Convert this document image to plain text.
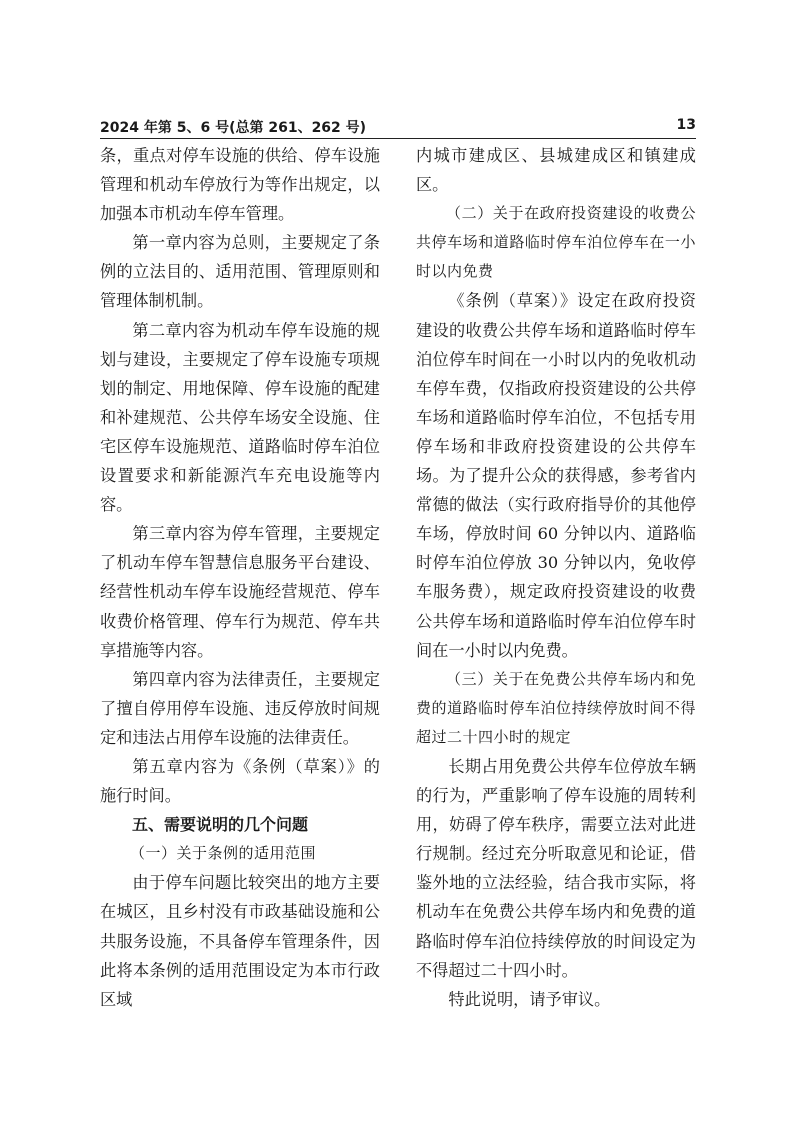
2024 年第 5、6 号(总第 261、262 号)	13

条，重点对停车设施的供给、停车设施管理和机动车停放行为等作出规定，以加强本市机动车停车管理。

第一章内容为总则，主要规定了条例的立法目的、适用范围、管理原则和管理体制机制。

第二章内容为机动车停车设施的规划与建设，主要规定了停车设施专项规划的制定、用地保障、停车设施的配建和补建规范、公共停车场安全设施、住宅区停车设施规范、道路临时停车泊位设置要求和新能源汽车充电设施等内容。

第三章内容为停车管理，主要规定了机动车停车智慧信息服务平台建设、经营性机动车停车设施经营规范、停车收费价格管理、停车行为规范、停车共享措施等内容。

第四章内容为法律责任，主要规定了擅自停用停车设施、违反停放时间规定和违法占用停车设施的法律责任。

第五章内容为《条例（草案）》的施行时间。

五、需要说明的几个问题

（一）关于条例的适用范围

由于停车问题比较突出的地方主要在城区，且乡村没有市政基础设施和公共服务设施，不具备停车管理条件，因此将本条例的适用范围设定为本市行政区域

内城市建成区、县城建成区和镇建成区。

（二）关于在政府投资建设的收费公共停车场和道路临时停车泊位停车在一小时以内免费

《条例（草案）》设定在政府投资建设的收费公共停车场和道路临时停车泊位停车时间在一小时以内的免收机动车停车费，仅指政府投资建设的公共停车场和道路临时停车泊位，不包括专用停车场和非政府投资建设的公共停车场。为了提升公众的获得感，参考省内常德的做法（实行政府指导价的其他停车场，停放时间 60 分钟以内、道路临时停车泊位停放 30 分钟以内，免收停车服务费），规定政府投资建设的收费公共停车场和道路临时停车泊位停车时间在一小时以内免费。

（三）关于在免费公共停车场内和免费的道路临时停车泊位持续停放时间不得超过二十四小时的规定

长期占用免费公共停车位停放车辆的行为，严重影响了停车设施的周转利用，妨碍了停车秩序，需要立法对此进行规制。经过充分听取意见和论证，借鉴外地的立法经验，结合我市实际，将机动车在免费公共停车场内和免费的道路临时停车泊位持续停放的时间设定为不得超过二十四小时。

特此说明，请予审议。
